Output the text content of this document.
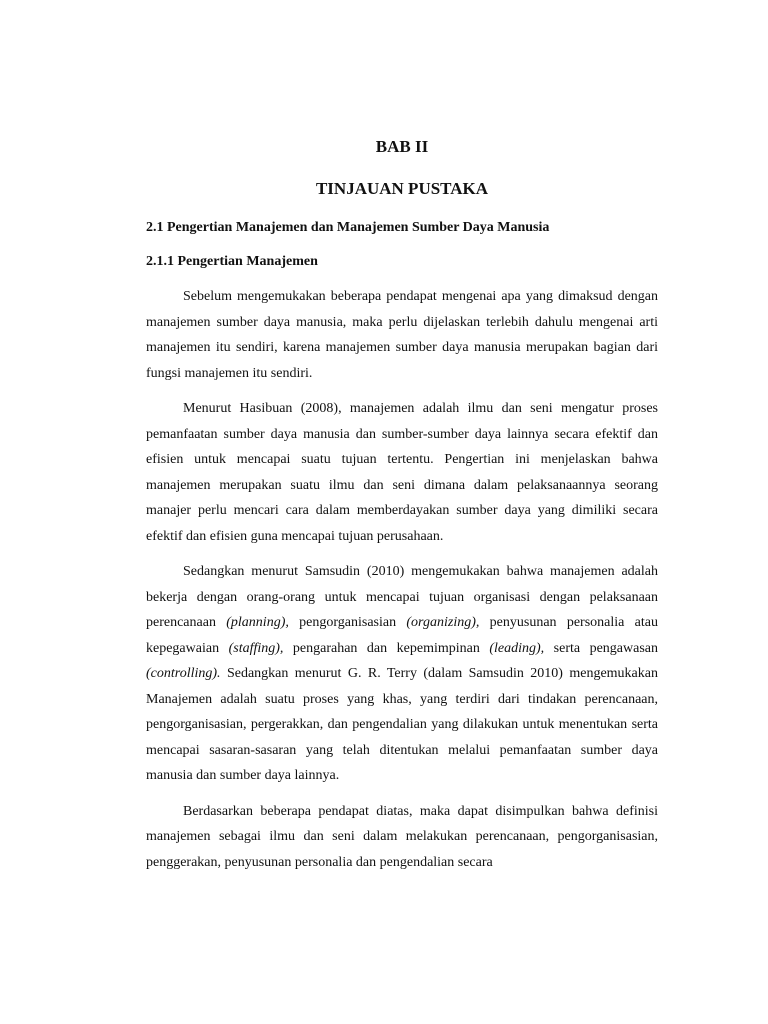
BAB II
TINJAUAN PUSTAKA
2.1 Pengertian Manajemen dan Manajemen Sumber Daya Manusia
2.1.1 Pengertian Manajemen

Sebelum mengemukakan beberapa pendapat mengenai apa yang dimaksud dengan manajemen sumber daya manusia, maka perlu dijelaskan terlebih dahulu mengenai arti manajemen itu sendiri, karena manajemen sumber daya manusia merupakan bagian dari fungsi manajemen itu sendiri.

Menurut Hasibuan (2008), manajemen adalah ilmu dan seni mengatur proses pemanfaatan sumber daya manusia dan sumber-sumber daya lainnya secara efektif dan efisien untuk mencapai suatu tujuan tertentu. Pengertian ini menjelaskan bahwa manajemen merupakan suatu ilmu dan seni dimana dalam pelaksanaannya seorang manajer perlu mencari cara dalam memberdayakan sumber daya yang dimiliki secara efektif dan efisien guna mencapai tujuan perusahaan.

Sedangkan menurut Samsudin (2010) mengemukakan bahwa manajemen adalah bekerja dengan orang-orang untuk mencapai tujuan organisasi dengan pelaksanaan perencanaan (planning), pengorganisasian (organizing), penyusunan personalia atau kepegawaian (staffing), pengarahan dan kepemimpinan (leading), serta pengawasan (controlling). Sedangkan menurut G. R. Terry (dalam Samsudin 2010) mengemukakan Manajemen adalah suatu proses yang khas, yang terdiri dari tindakan perencanaan, pengorganisasian, pergerakkan, dan pengendalian yang dilakukan untuk menentukan serta mencapai sasaran-sasaran yang telah ditentukan melalui pemanfaatan sumber daya manusia dan sumber daya lainnya.

Berdasarkan beberapa pendapat diatas, maka dapat disimpulkan bahwa definisi manajemen sebagai ilmu dan seni dalam melakukan perencanaan, pengorganisasian, penggerakan, penyusunan personalia dan pengendalian secara
